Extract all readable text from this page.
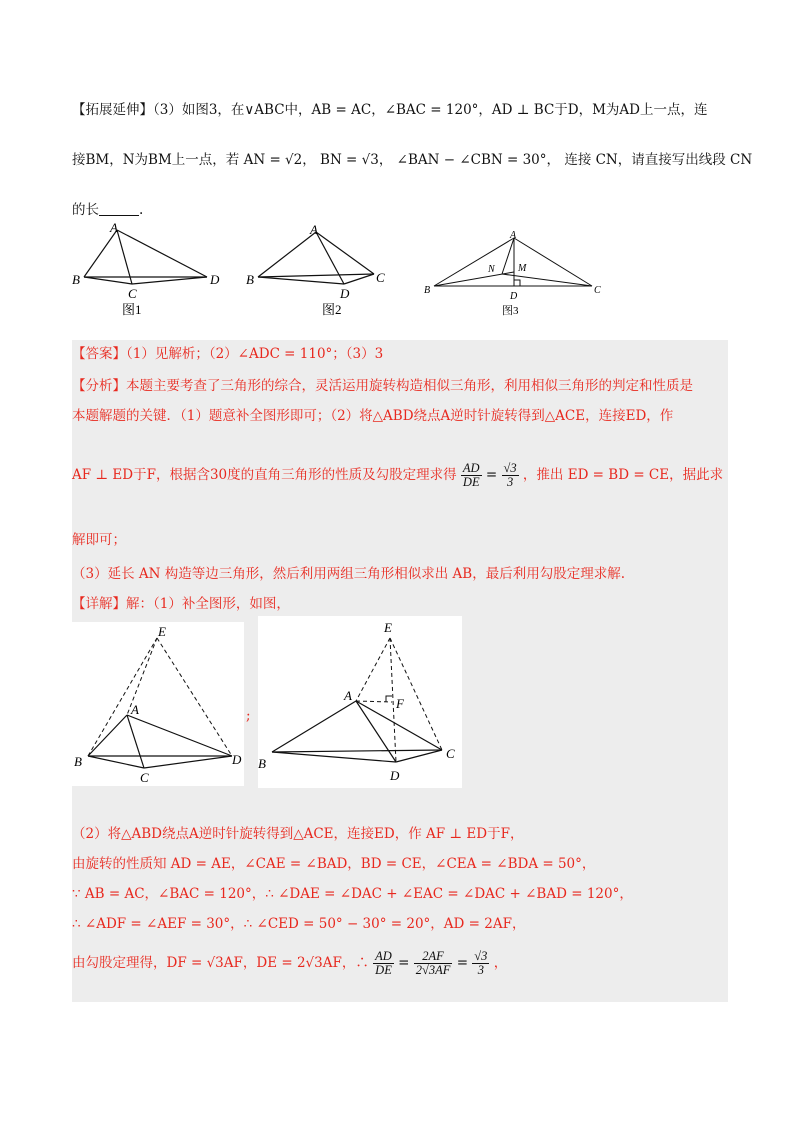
【拓展延伸】（3）如图3，在∨ABC中，AB = AC，∠BAC = 120°，AD ⊥ BC于D，M为AD上一点，连
接BM，N为BM上一点，若 AN = √2， BN = √3， ∠BAN − ∠CBN = 30°， 连接 CN，请直接写出线段 CN
的长	.
A
B
C
D
图1
A
B	C
D
图2
A
B	C
D
M
N
图3
【答案】（1）见解析；（2）∠ADC = 110°；（3）3
【分析】本题主要考查了三角形的综合，灵活运用旋转构造相似三角形，利用相似三角形的判定和性质是
本题解题的关键．（1）题意补全图形即可；（2）将△ABD绕点A逆时针旋转得到△ACE，连接ED，作
AF ⊥ ED于F，根据含30度的直角三角形的性质及勾股定理求得 $\frac{AD}{DE} = \frac{√3}{3}$ ，推出 ED = BD = CE，据此求
解即可；
（3）延长 AN 构造等边三角形，然后利用两组三角形相似求出 AB，最后利用勾股定理求解.
【详解】解：（1）补全图形，如图，
E
A
B
C
D
;
E
A
F
B
C
D
（2）将△ABD绕点A逆时针旋转得到△ACE，连接ED，作 AF ⊥ ED于F，
由旋转的性质知 AD = AE，∠CAE = ∠BAD，BD = CE，∠CEA = ∠BDA = 50°，
∵ AB = AC，∠BAC = 120°，∴ ∠DAE = ∠DAC + ∠EAC = ∠DAC + ∠BAD = 120°，
∴ ∠ADF = ∠AEF = 30°，∴ ∠CED = 50° − 30° = 20°，AD = 2AF，
由勾股定理得，DF = √3AF，DE = 2√3AF，∴ $\frac{AD}{DE} = \frac{2AF}{2√3AF} = \frac{√3}{3}$ ，
